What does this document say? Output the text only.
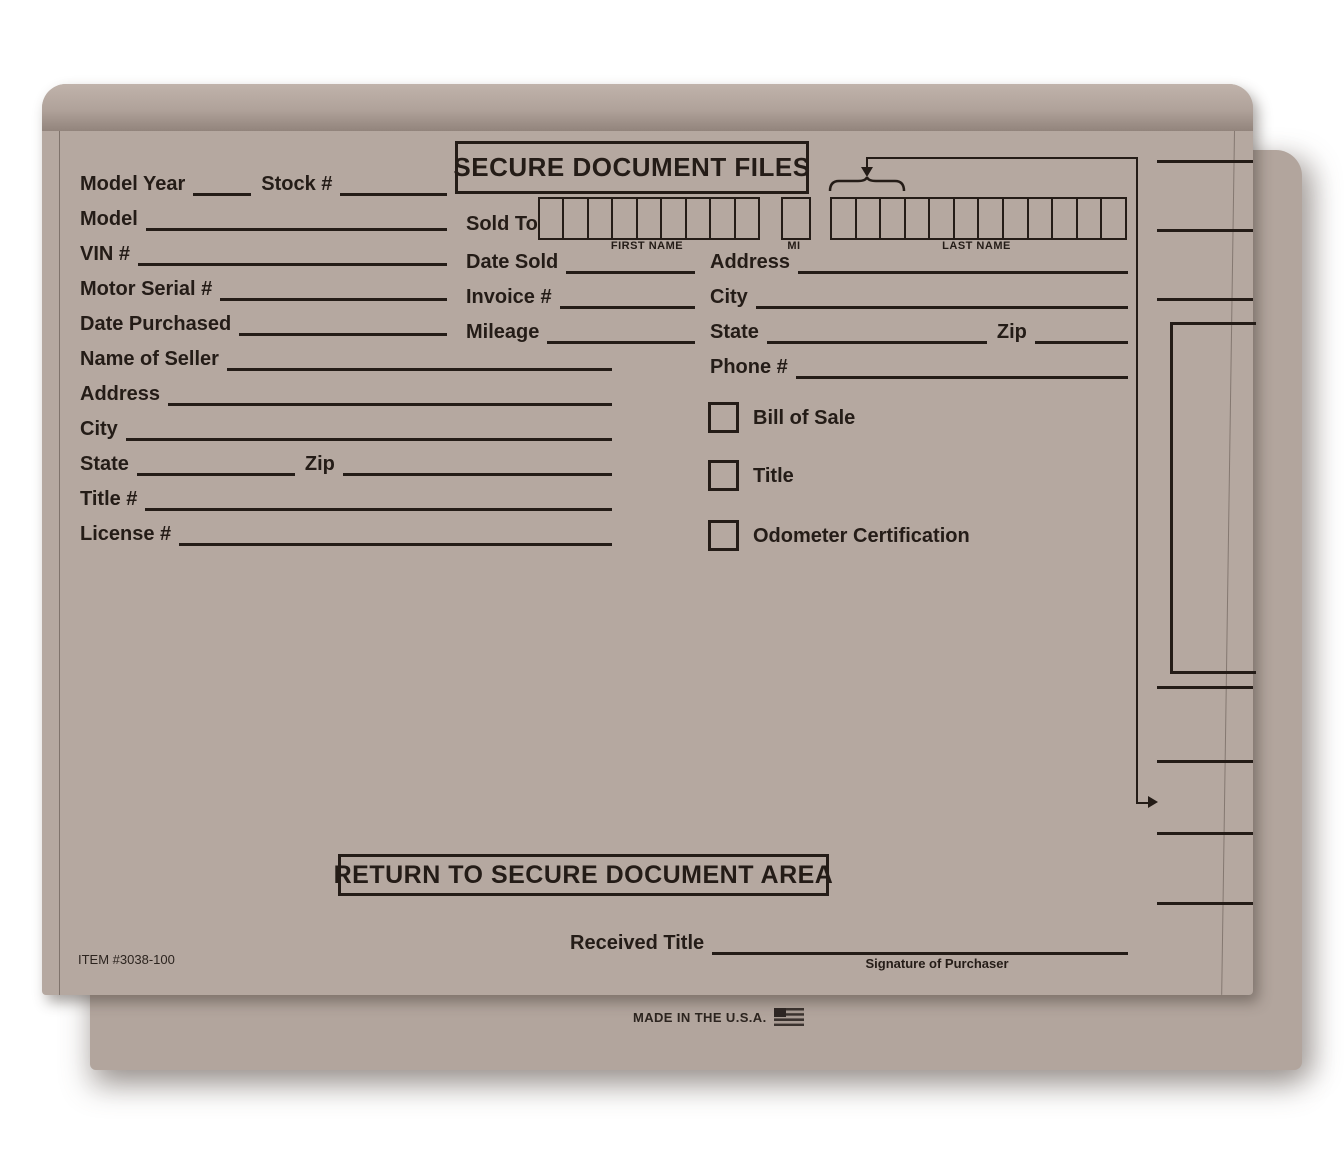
MADE IN THE U.S.A.
SECURE DOCUMENT FILES
Model Year	Stock #
Model
VIN #
Motor Serial #
Date Purchased
Name of Seller
Address
City
State	Zip
Title #
License #
Sold To
FIRST NAME	MI	LAST NAME
Date Sold
Invoice #
Mileage
Address
City
State	Zip
Phone #
Bill of Sale
Title
Odometer Certification
RETURN TO SECURE DOCUMENT AREA
Received Title
Signature of Purchaser
ITEM #3038-100
